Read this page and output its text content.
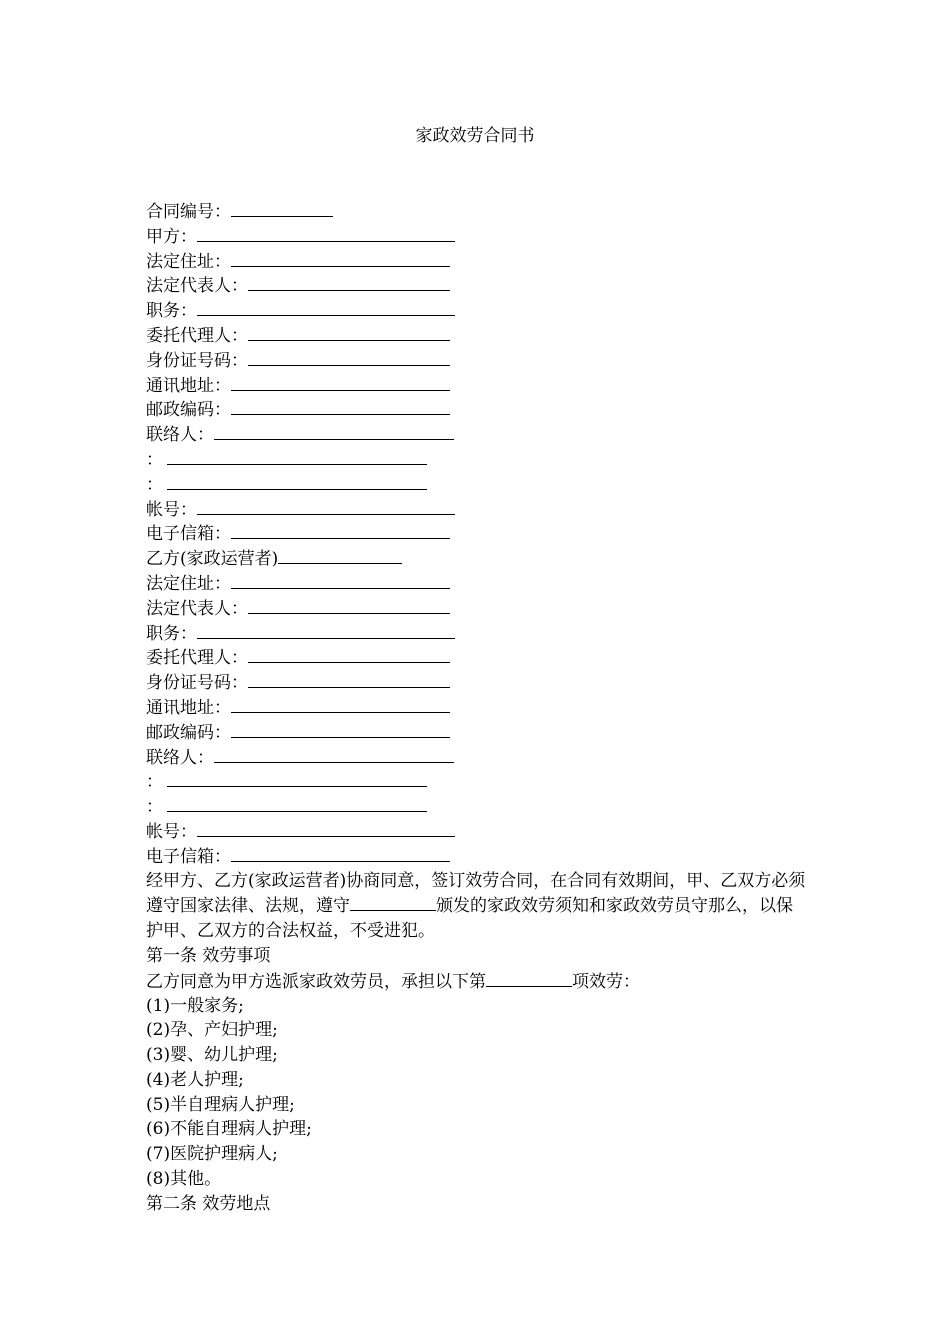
家政效劳合同书
合同编号：
甲方：
法定住址：
法定代表人：
职务：
委托代理人：
身份证号码：
通讯地址：
邮政编码：
联络人：
：
：
帐号：
电子信箱：
乙方(家政运营者)
法定住址：
法定代表人：
职务：
委托代理人：
身份证号码：
通讯地址：
邮政编码：
联络人：
：
：
帐号：
电子信箱：
经甲方、乙方(家政运营者)协商同意，签订效劳合同，在合同有效期间，甲、乙双方必须遵守国家法律、法规，遵守	颁发的家政效劳须知和家政效劳员守那么，以保护甲、乙双方的合法权益，不受进犯。
第一条 效劳事项
乙方同意为甲方选派家政效劳员，承担以下第	项效劳：
(1)一般家务;
(2)孕、产妇护理;
(3)婴、幼儿护理;
(4)老人护理;
(5)半自理病人护理;
(6)不能自理病人护理;
(7)医院护理病人;
(8)其他。
第二条 效劳地点
